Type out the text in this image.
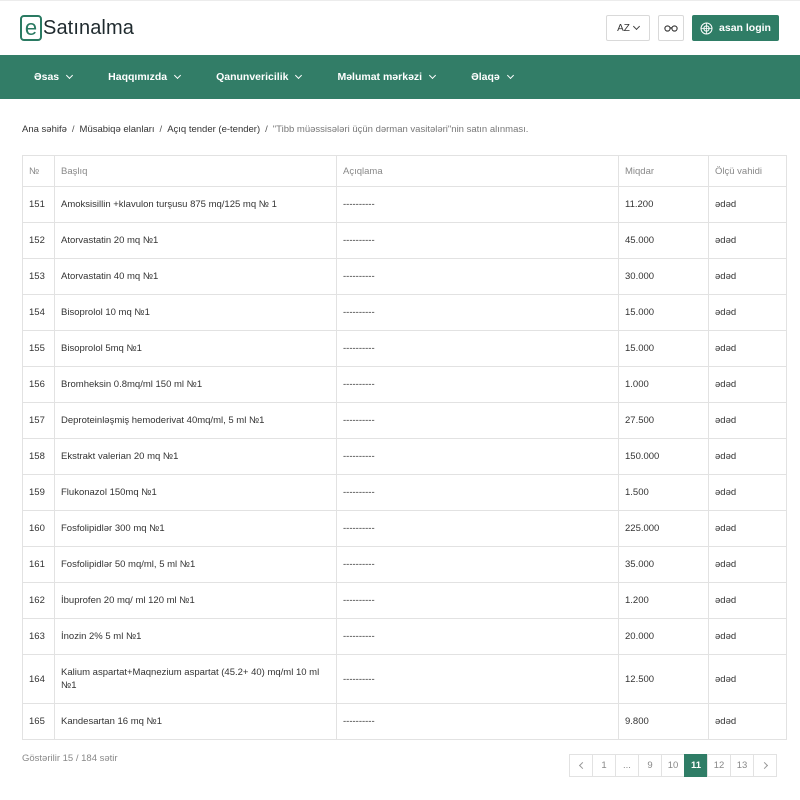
e Satınalma	AZ	asan login
Əsas	Haqqımızda	Qanunvericilik	Məlumat mərkəzi	Əlaqə
Ana səhifə / Müsabiqə elanları / Açıq tender (e-tender) / "Tibb müəssisələri üçün dərman vasitələri"nin satın alınması.
№	Başlıq	Açıqlama	Miqdar	Ölçü vahidi
151	Amoksisillin +klavulon turşusu 875 mq/125 mq № 1	----------	11.200	ədəd
152	Atorvastatin 20 mq №1	----------	45.000	ədəd
153	Atorvastatin 40 mq №1	----------	30.000	ədəd
154	Bisoprolol 10 mq №1	----------	15.000	ədəd
155	Bisoprolol 5mq №1	----------	15.000	ədəd
156	Bromheksin 0.8mq/ml 150 ml №1	----------	1.000	ədəd
157	Deproteinləşmiş hemoderivat 40mq/ml, 5 ml №1	----------	27.500	ədəd
158	Ekstrakt valerian 20 mq №1	----------	150.000	ədəd
159	Flukonazol 150mq №1	----------	1.500	ədəd
160	Fosfolipidlər 300 mq №1	----------	225.000	ədəd
161	Fosfolipidlər 50 mq/ml, 5 ml №1	----------	35.000	ədəd
162	İbuprofen 20 mq/ ml 120 ml №1	----------	1.200	ədəd
163	İnozin 2% 5 ml №1	----------	20.000	ədəd
164	Kalium aspartat+Maqnezium aspartat (45.2+ 40) mq/ml 10 ml №1	----------	12.500	ədəd
165	Kandesartan 16 mq №1	----------	9.800	ədəd
Göstərilir 15 / 184 sətir
1	...	9	10	11	12	13
